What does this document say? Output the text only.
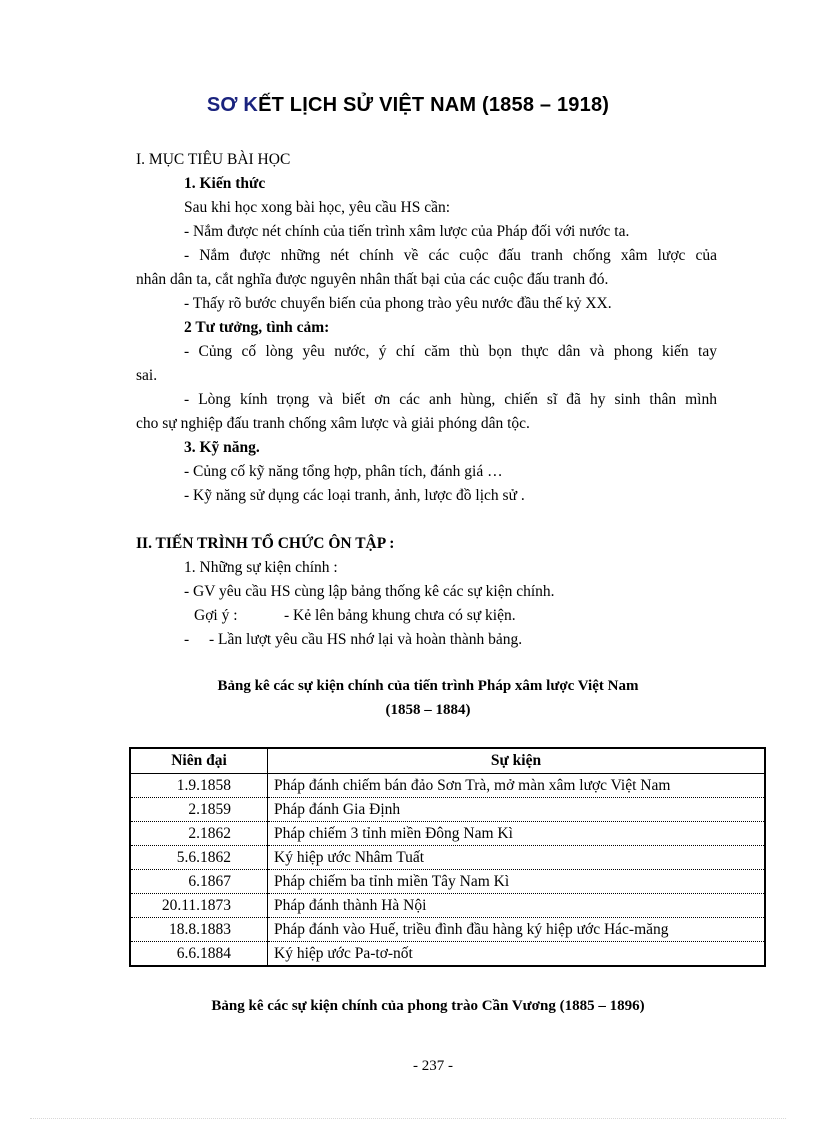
SƠ KẾT LỊCH SỬ VIỆT NAM (1858 – 1918)
I. MỤC TIÊU BÀI HỌC
1. Kiến thức
Sau khi học xong bài học, yêu cầu HS cần:
- Nắm được nét chính của tiến trình xâm lược của Pháp đối với nước ta.
- Nắm được những nét chính về các cuộc đấu tranh chống xâm lược của
nhân dân ta, cắt nghĩa được nguyên nhân thất bại của các cuộc đấu tranh đó.
- Thấy rõ bước chuyển biến của phong trào yêu nước đầu thế kỷ XX.
2 Tư tưởng, tình cảm:
- Củng cố lòng yêu nước, ý chí căm thù bọn thực dân và phong kiến tay
sai.
- Lòng kính trọng và biết ơn các anh hùng, chiến sĩ đã hy sinh thân mình
cho sự nghiệp đấu tranh chống xâm lược và giải phóng dân tộc.
3. Kỹ năng.
- Củng cố kỹ năng tổng hợp, phân tích, đánh giá …
- Kỹ năng sử dụng các loại tranh, ảnh, lược đồ lịch sử .
II. TIẾN TRÌNH TỔ CHỨC ÔN TẬP :
1. Những sự kiện chính :
- GV yêu cầu HS cùng lập bảng thống kê các sự kiện chính.
Gợi ý :	- Kẻ lên bảng khung chưa có sự kiện.
- - Lần lượt yêu cầu HS nhớ lại và hoàn thành bảng.
Bảng kê các sự kiện chính của tiến trình Pháp xâm lược Việt Nam
(1858 – 1884)
Niên đại	Sự kiện
1.9.1858	Pháp đánh chiếm bán đảo Sơn Trà, mở màn xâm lược Việt Nam
2.1859	Pháp đánh Gia Định
2.1862	Pháp chiếm 3 tỉnh miền Đông Nam Kì
5.6.1862	Ký hiệp ước Nhâm Tuất
6.1867	Pháp chiếm ba tỉnh miền Tây Nam Kì
20.11.1873	Pháp đánh thành Hà Nội
18.8.1883	Pháp đánh vào Huế, triều đình đầu hàng ký hiệp ước Hác-măng
6.6.1884	Ký hiệp ước Pa-tơ-nốt
Bảng kê các sự kiện chính của phong trào Cần Vương (1885 – 1896)
- 237 -
